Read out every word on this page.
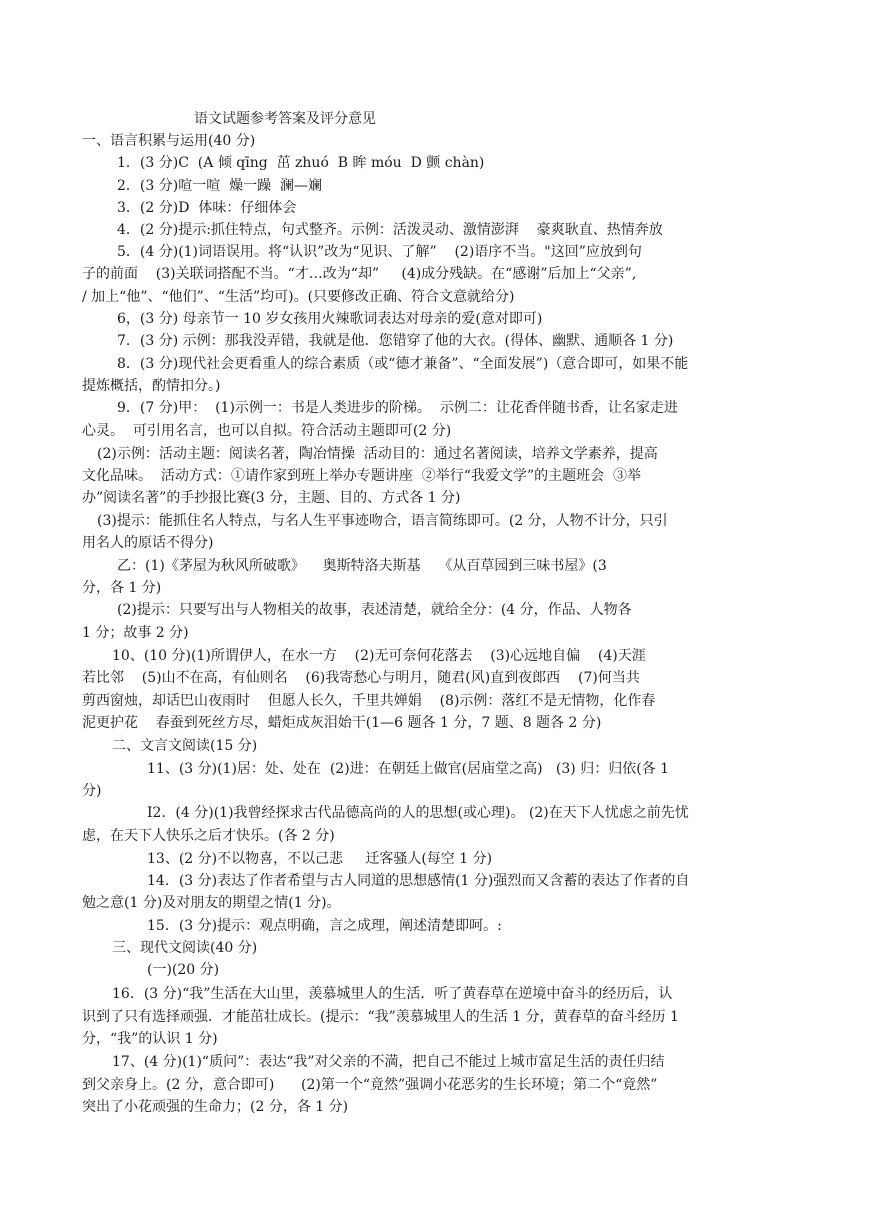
语文试题参考答案及评分意见
一、语言积累与运用(40 分)
1．(3 分)C  (A 倾 qīng  茁 zhuó  B 眸 móu  D 颤 chàn)
2．(3 分)喧一喧  燥一躁  澜—斓
3．(2 分)D  体味：仔细体会
4．(2 分)提示:抓住特点，句式整齐。示例：活泼灵动、激情澎湃    豪爽耿直、热情奔放
5．(4 分)(1)词语误用。将“认识”改为“见识、了解”    (2)语序不当。"这回”应放到句
子的前面    (3)关联词搭配不当。“才…改为“却”     (4)成分残缺。在“感谢”后加上“父亲”,
/ 加上“他”、“他们”、“生活”均可)。(只要修改正确、符合文意就给分)
6，(3 分) 母亲节一 10 岁女孩用火辣歌词表达对母亲的爱(意对即可)
7．(3 分) 示例：那我没弄错，我就是他．您错穿了他的大衣。(得体、幽默、通顺各 1 分)
8．(3 分)现代社会更看重人的综合素质（或“德才兼备”、“全面发展”)（意合即可，如果不能
提炼概括，酌情扣分。)
9．(7 分)甲：  (1)示例一：书是人类进步的阶梯。  示例二：让花香伴随书香，让名家走进
心灵。  可引用名言，也可以自拟。符合活动主题即可(2 分)
(2)示例：活动主题：阅读名著，陶冶情操  活动目的：通过名著阅读，培养文学素养，提高
文化品味。  活动方式：①请作家到班上举办专题讲座  ②举行“我爱文学”的主题班会  ③举
办”阅读名著”的手抄报比赛(3 分，主题、目的、方式各 1 分)
(3)提示：能抓住名人特点，与名人生平事迹吻合，语言简练即可。(2 分，人物不计分，只引
用名人的原话不得分)
乙：(1)《茅屋为秋风所破歌》    奥斯特洛夫斯基    《从百草园到三味书屋》(3
分，各 1 分)
(2)提示：只要写出与人物相关的故事，表述清楚，就给全分：(4 分，作品、人物各
1 分；故事 2 分)
10、(10 分)(1)所谓伊人，在水一方    (2)无可奈何花落去    (3)心远地自偏    (4)天涯
若比邻    (5)山不在高，有仙则名    (6)我寄愁心与明月，随君(风)直到夜郎西    (7)何当共
剪西窗烛，却话巴山夜雨时    但愿人长久，千里共婵娟    (8)示例：落红不是无情物，化作春
泥更护花    春蚕到死丝方尽，蜡炬成灰泪始干(1—6 题各 1 分，7 题、8 题各 2 分)
二、文言文阅读(15 分)
11、(3 分)(1)居：处、处在  (2)进：在朝廷上做官(居庙堂之高)   (3) 归：归依(各 1
分)
I2．(4 分)(1)我曾经探求古代品德高尚的人的思想(或心理)。 (2)在天下人忧虑之前先忧
虑，在天下人快乐之后才快乐。(各 2 分)
13、(2 分)不以物喜，不以己悲     迁客骚人(每空 1 分)
14．(3 分)表达了作者希望与古人同道的思想感情(1 分)强烈而又含蓄的表达了作者的自
勉之意(1 分)及对朋友的期望之情(1 分)。
15．(3 分)提示：观点明确，言之成理，阐述清楚即呵。:
三、现代文阅读(40 分)
(一)(20 分)
16．(3 分)“我”生活在大山里，羡慕城里人的生活．听了黄春草在逆境中奋斗的经历后，认
识到了只有选择顽强．才能茁壮成长。(提示：“我”羡慕城里人的生活 1 分，黄春草的奋斗经历 1
分，“我”的认识 1 分)
17、(4 分)(1)“质问”：表达“我”对父亲的不満，把自己不能过上城市富足生活的责任归结
到父亲身上。(2 分，意合即可)      (2)第一个“竟然”强调小花恶劣的生长环境；第二个“竟然”
突出了小花顽强的生命力；(2 分，各 1 分)
